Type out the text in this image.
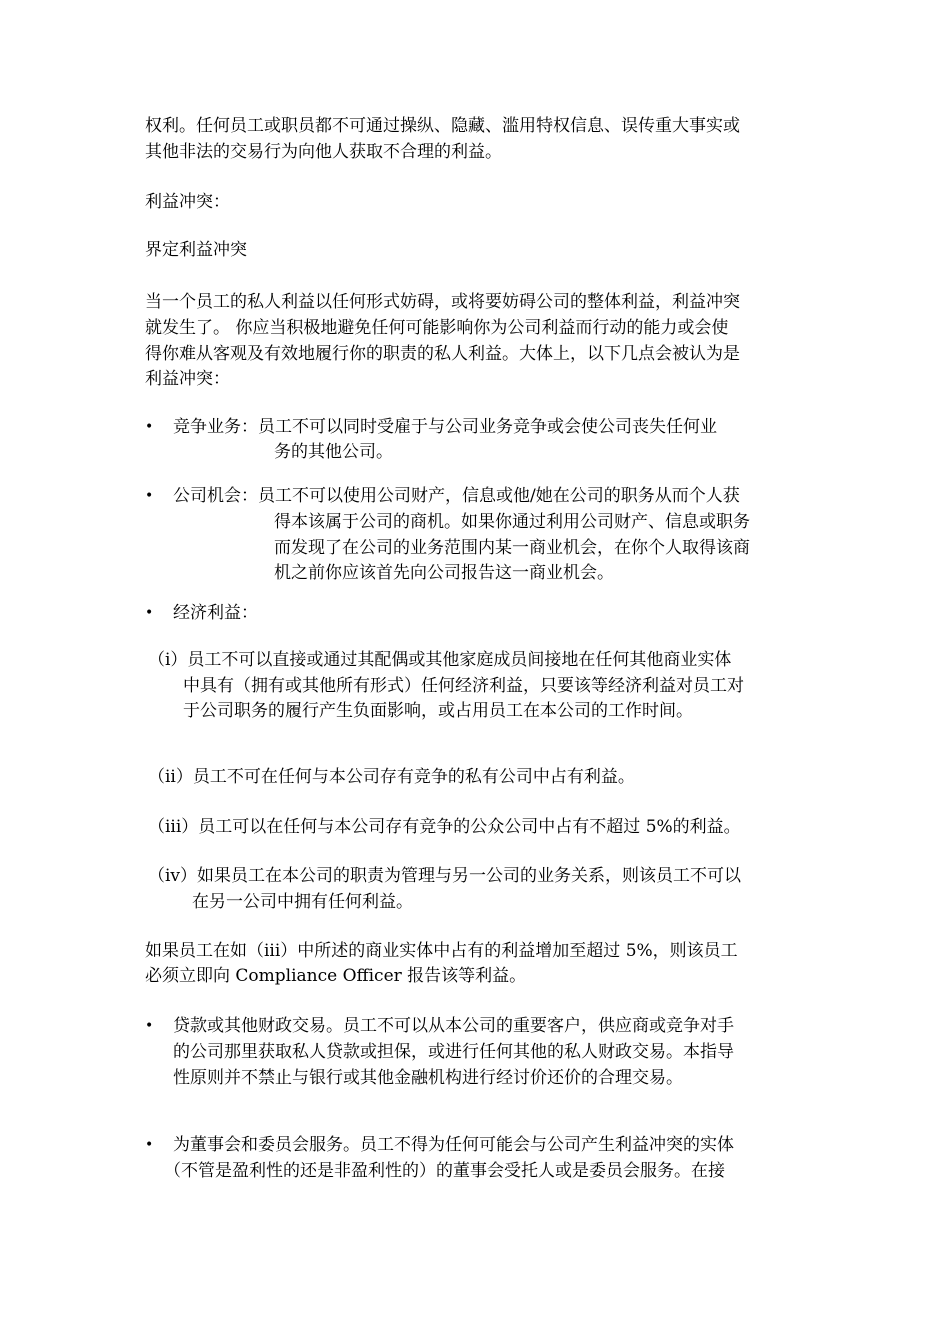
权利。任何员工或职员都不可通过操纵、隐藏、滥用特权信息、误传重大事实或
其他非法的交易行为向他人获取不合理的利益。
利益冲突：
界定利益冲突
当一个员工的私人利益以任何形式妨碍，或将要妨碍公司的整体利益，利益冲突
就发生了。 你应当积极地避免任何可能影响你为公司利益而行动的能力或会使
得你难从客观及有效地履行你的职责的私人利益。大体上，以下几点会被认为是
利益冲突：
• 竞争业务：员工不可以同时受雇于与公司业务竞争或会使公司丧失任何业
务的其他公司。
• 公司机会：员工不可以使用公司财产，信息或他/她在公司的职务从而个人获
得本该属于公司的商机。如果你通过利用公司财产、信息或职务
而发现了在公司的业务范围内某一商业机会，在你个人取得该商
机之前你应该首先向公司报告这一商业机会。
• 经济利益：
（i）员工不可以直接或通过其配偶或其他家庭成员间接地在任何其他商业实体
中具有（拥有或其他所有形式）任何经济利益，只要该等经济利益对员工对
于公司职务的履行产生负面影响，或占用员工在本公司的工作时间。
（ii）员工不可在任何与本公司存有竞争的私有公司中占有利益。
（iii）员工可以在任何与本公司存有竞争的公众公司中占有不超过 5%的利益。
（iv）如果员工在本公司的职责为管理与另一公司的业务关系，则该员工不可以
在另一公司中拥有任何利益。
如果员工在如（iii）中所述的商业实体中占有的利益增加至超过 5%，则该员工
必须立即向 Compliance Officer 报告该等利益。
• 贷款或其他财政交易。员工不可以从本公司的重要客户，供应商或竞争对手
的公司那里获取私人贷款或担保，或进行任何其他的私人财政交易。本指导
性原则并不禁止与银行或其他金融机构进行经讨价还价的合理交易。
• 为董事会和委员会服务。员工不得为任何可能会与公司产生利益冲突的实体
（不管是盈利性的还是非盈利性的）的董事会受托人或是委员会服务。在接
